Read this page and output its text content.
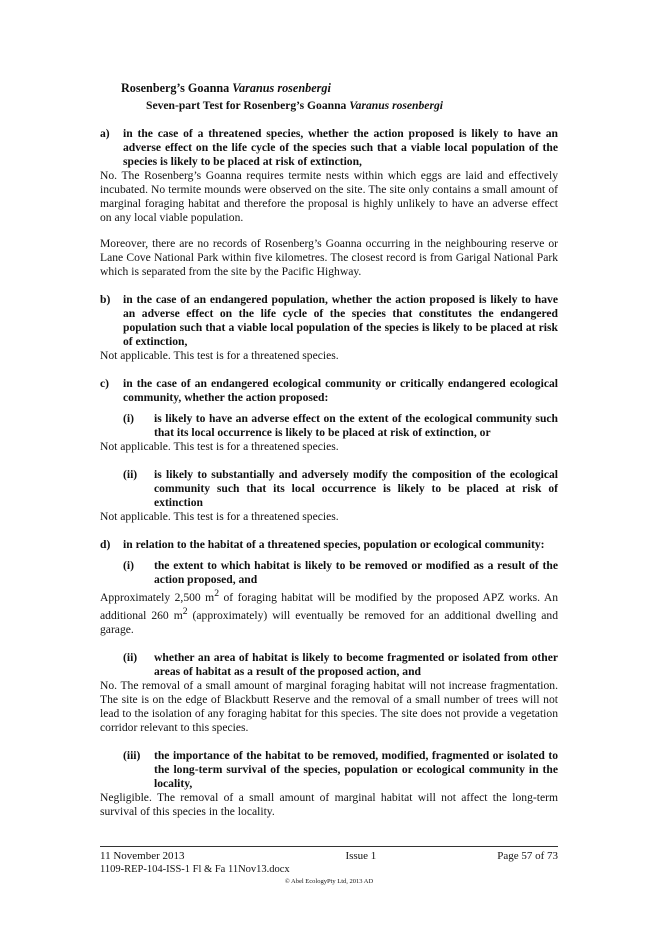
Rosenberg’s Goanna Varanus rosenbergi
Seven-part Test for Rosenberg’s Goanna Varanus rosenbergi
a)	in the case of a threatened species, whether the action proposed is likely to have an adverse effect on the life cycle of the species such that a viable local population of the species is likely to be placed at risk of extinction,
No. The Rosenberg’s Goanna requires termite nests within which eggs are laid and effectively incubated. No termite mounds were observed on the site. The site only contains a small amount of marginal foraging habitat and therefore the proposal is highly unlikely to have an adverse effect on any local viable population.
Moreover, there are no records of Rosenberg’s Goanna occurring in the neighbouring reserve or Lane Cove National Park within five kilometres. The closest record is from Garigal National Park which is separated from the site by the Pacific Highway.
b)	in the case of an endangered population, whether the action proposed is likely to have an adverse effect on the life cycle of the species that constitutes the endangered population such that a viable local population of the species is likely to be placed at risk of extinction,
Not applicable. This test is for a threatened species.
c)	in the case of an endangered ecological community or critically endangered ecological community, whether the action proposed:
(i)	is likely to have an adverse effect on the extent of the ecological community such that its local occurrence is likely to be placed at risk of extinction, or
Not applicable. This test is for a threatened species.
(ii)	is likely to substantially and adversely modify the composition of the ecological community such that its local occurrence is likely to be placed at risk of extinction
Not applicable. This test is for a threatened species.
d)	in relation to the habitat of a threatened species, population or ecological community:
(i)	the extent to which habitat is likely to be removed or modified as a result of the action proposed, and
Approximately 2,500 $m^2$ of foraging habitat will be modified by the proposed APZ works. An additional 260 $m^2$ (approximately) will eventually be removed for an additional dwelling and garage.
(ii)	whether an area of habitat is likely to become fragmented or isolated from other areas of habitat as a result of the proposed action, and
No. The removal of a small amount of marginal foraging habitat will not increase fragmentation. The site is on the edge of Blackbutt Reserve and the removal of a small number of trees will not lead to the isolation of any foraging habitat for this species. The site does not provide a vegetation corridor relevant to this species.
(iii)	the importance of the habitat to be removed, modified, fragmented or isolated to the long-term survival of the species, population or ecological community in the locality,
Negligible. The removal of a small amount of marginal habitat will not affect the long-term survival of this species in the locality.
11 November 2013	Issue 1	Page 57 of 73
1109-REP-104-ISS-1 Fl & Fa 11Nov13.docx
© Abel EcologyPty Ltd, 2013 AD
